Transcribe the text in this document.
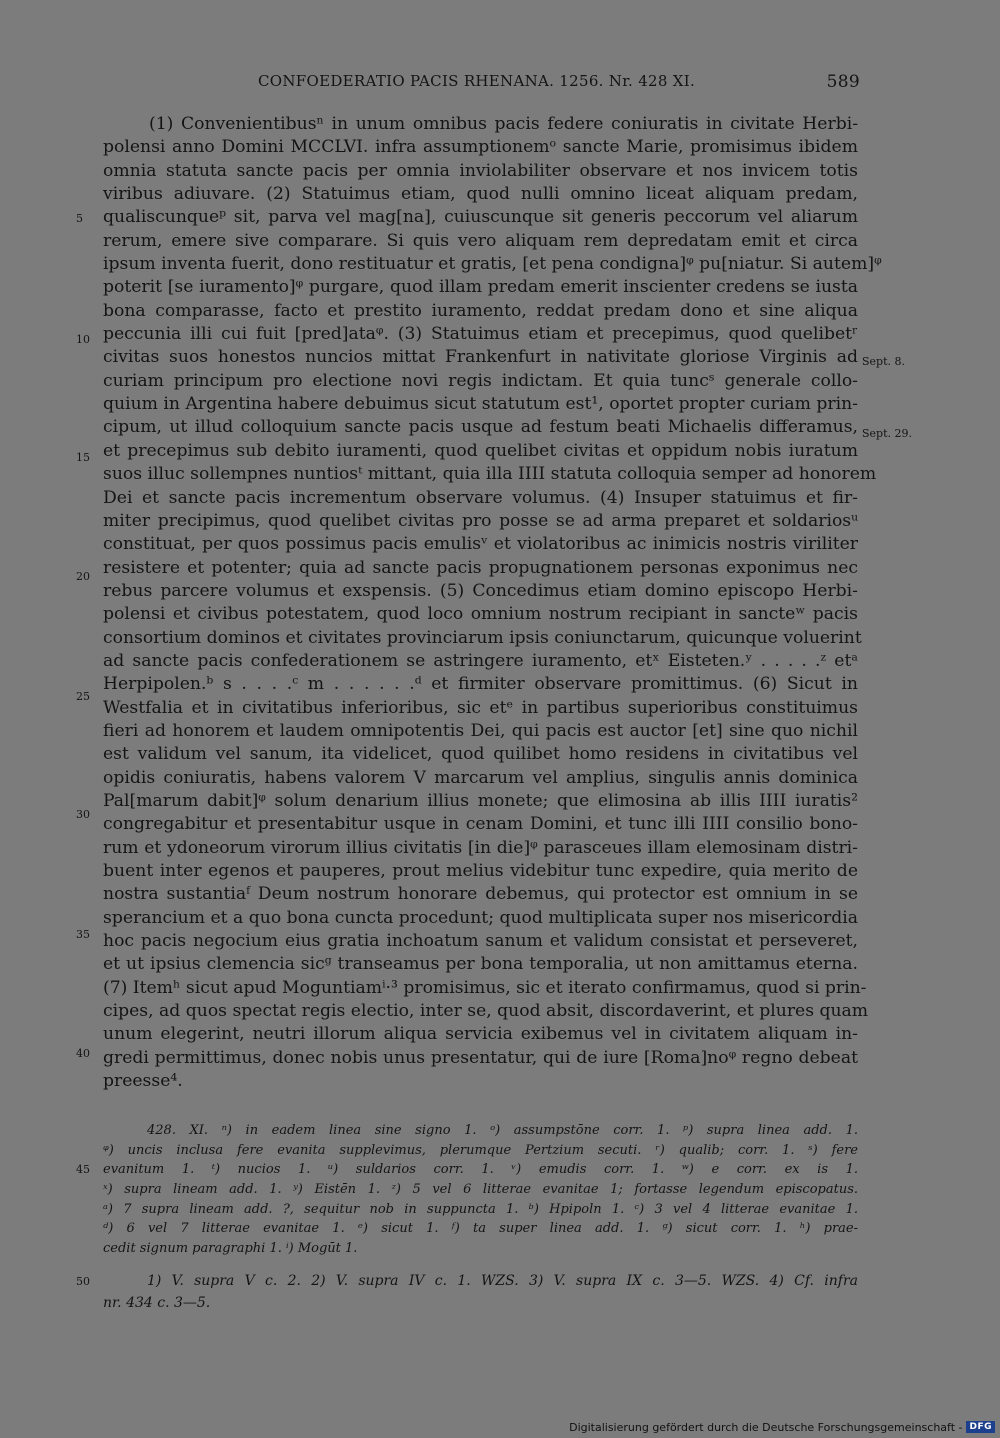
CONFOEDERATIO PACIS RHENANA. 1256. Nr. 428 XI.	589
(1) Convenientibusⁿ in unum omnibus pacis federe coniuratis in civitate Herbi-
polensi anno Domini MCCLVI. infra assumptionemᵒ sancte Marie, promisimus ibidem
omnia statuta sancte pacis per omnia inviolabiliter observare et nos invicem totis
viribus adiuvare. (2) Statuimus etiam, quod nulli omnino liceat aliquam predam,
qualiscunqueᵖ sit, parva vel mag[na], cuiuscunque sit generis peccorum vel aliarum
rerum, emere sive comparare. Si quis vero aliquam rem depredatam emit et circa
ipsum inventa fuerit, dono restituatur et gratis, [et pena condigna]ᵠ pu[niatur. Si autem]ᵠ
poterit [se iuramento]ᵠ purgare, quod illam predam emerit inscienter credens se iusta
bona comparasse, facto et prestito iuramento, reddat predam dono et sine aliqua
peccunia illi cui fuit [pred]ataᵠ. (3) Statuimus etiam et precepimus, quod quelibetʳ
civitas suos honestos nuncios mittat Frankenfurt in nativitate gloriose Virginis ad
curiam principum pro electione novi regis indictam. Et quia tuncˢ generale collo-
quium in Argentina habere debuimus sicut statutum est¹, oportet propter curiam prin-
cipum, ut illud colloquium sancte pacis usque ad festum beati Michaelis differamus,
et precepimus sub debito iuramenti, quod quelibet civitas et oppidum nobis iuratum
suos illuc sollempnes nuntiosᵗ mittant, quia illa IIII statuta colloquia semper ad honorem
Dei et sancte pacis incrementum observare volumus. (4) Insuper statuimus et fir-
miter precipimus, quod quelibet civitas pro posse se ad arma preparet et soldariosᵘ
constituat, per quos possimus pacis emulisᵛ et violatoribus ac inimicis nostris viriliter
resistere et potenter; quia ad sancte pacis propugnationem personas exponimus nec
rebus parcere volumus et exspensis. (5) Concedimus etiam domino episcopo Herbi-
polensi et civibus potestatem, quod loco omnium nostrum recipiant in sancteʷ pacis
consortium dominos et civitates provinciarum ipsis coniunctarum, quicunque voluerint
ad sancte pacis confederationem se astringere iuramento, etˣ Eisteten.ʸ . . . . .ᶻ etᵃ
Herpipolen.ᵇ s . . . .ᶜ m . . . . . .ᵈ et firmiter observare promittimus. (6) Sicut in
Westfalia et in civitatibus inferioribus, sic etᵉ in partibus superioribus constituimus
fieri ad honorem et laudem omnipotentis Dei, qui pacis est auctor [et] sine quo nichil
est validum vel sanum, ita videlicet, quod quilibet homo residens in civitatibus vel
opidis coniuratis, habens valorem V marcarum vel amplius, singulis annis dominica
Pal[marum dabit]ᵠ solum denarium illius monete; que elimosina ab illis IIII iuratis²
congregabitur et presentabitur usque in cenam Domini, et tunc illi IIII consilio bono-
rum et ydoneorum virorum illius civitatis [in die]ᵠ parasceues illam elemosinam distri-
buent inter egenos et pauperes, prout melius videbitur tunc expedire, quia merito de
nostra sustantiaᶠ Deum nostrum honorare debemus, qui protector est omnium in se
sperancium et a quo bona cuncta procedunt; quod multiplicata super nos misericordia
hoc pacis negocium eius gratia inchoatum sanum et validum consistat et perseveret,
et ut ipsius clemencia sicᵍ transeamus per bona temporalia, ut non amittamus eterna.
(7) Itemʰ sicut apud Moguntiamⁱ·³ promisimus, sic et iterato confirmamus, quod si prin-
cipes, ad quos spectat regis electio, inter se, quod absit, discordaverint, et plures quam
unum elegerint, neutri illorum aliqua servicia exibemus vel in civitatem aliquam in-
gredi permittimus, donec nobis unus presentatur, qui de iure [Roma]noᵠ regno debeat
preesse⁴.
5
10
15
20
25
30
35
40
Sept. 8.
Sept. 29.
428. XI. ⁿ) in eadem linea sine signo 1. ᵒ) assumpstōne corr. 1. ᵖ) supra linea add. 1.
ᵠ) uncis inclusa fere evanita supplevimus, plerumque Pertzium secuti. ʳ) qualib; corr. 1. ˢ) fere
evanitum 1. ᵗ) nucios 1. ᵘ) suldarios corr. 1. ᵛ) emudis corr. 1. ʷ) e corr. ex is 1.
ˣ) supra lineam add. 1. ʸ) Eistēn 1. ᶻ) 5 vel 6 litterae evanitae 1; fortasse legendum episcopatus.
ᵃ) 7 supra lineam add. ?, sequitur nob in suppuncta 1. ᵇ) Hpipoln 1. ᶜ) 3 vel 4 litterae evanitae 1.
ᵈ) 6 vel 7 litterae evanitae 1. ᵉ) sicut 1. ᶠ) ta super linea add. 1. ᵍ) sicut corr. 1. ʰ) prae-
cedit signum paragraphi 1. ⁱ) Mogūt 1.
45
1) V. supra V c. 2. 2) V. supra IV c. 1. WZS. 3) V. supra IX c. 3—5. WZS. 4) Cf. infra
nr. 434 c. 3—5.
50
Digitalisierung gefördert durch die Deutsche Forschungsgemeinschaft - DFG
